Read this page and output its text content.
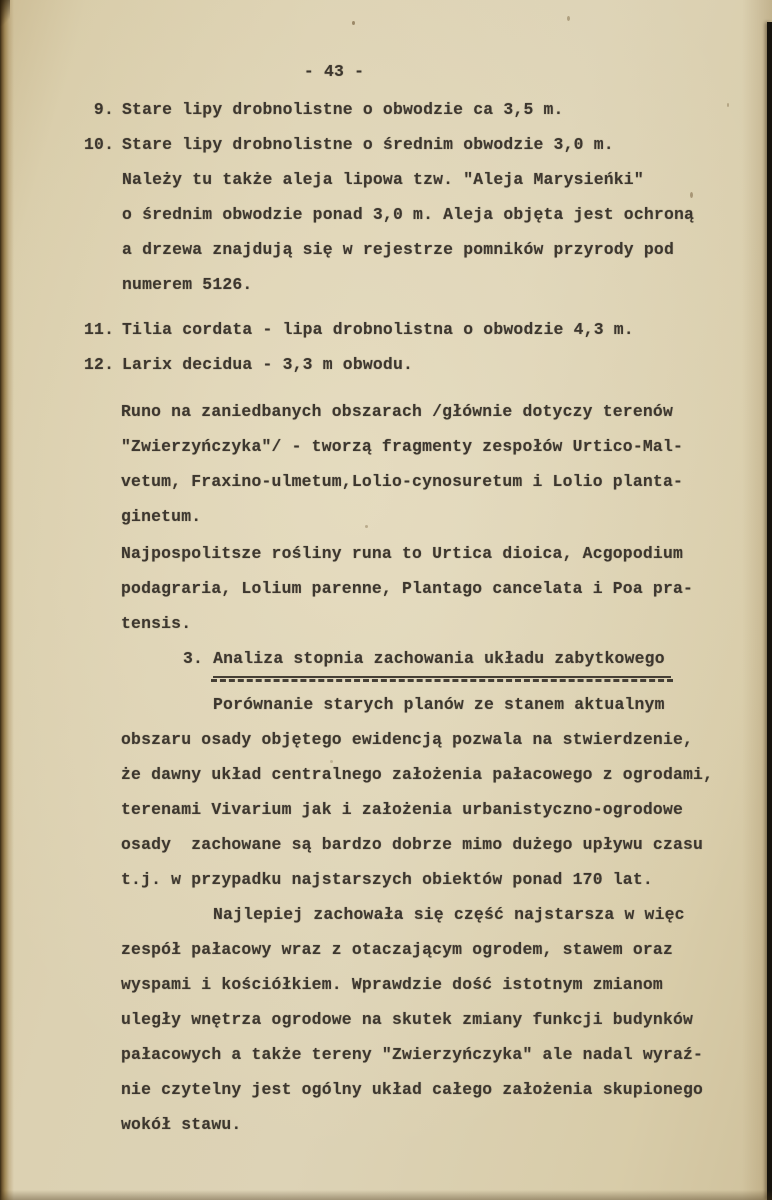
- 43 -
9. Stare lipy drobnolistne o obwodzie ca 3,5 m.
10. Stare lipy drobnolistne o średnim obwodzie 3,0 m.
Należy tu także aleja lipowa tzw. "Aleja Marysieńki"
o średnim obwodzie ponad 3,0 m. Aleja objęta jest ochroną
a drzewa znajdują się w rejestrze pomników przyrody pod
numerem 5126.
11. Tilia cordata - lipa drobnolistna o obwodzie 4,3 m.
12. Larix decidua - 3,3 m obwodu.
Runo na zaniedbanych obszarach /głównie dotyczy terenów
"Zwierzyńczyka"/ - tworzą fragmenty zespołów Urtico-Mal-
vetum, Fraxino-ulmetum,Lolio-cynosuretum i Lolio planta-
ginetum.
Najpospolitsze rośliny runa to Urtica dioica, Acgopodium
podagraria, Lolium parenne, Plantago cancelata i Poa pra-
tensis.
3. Analiza stopnia zachowania układu zabytkowego
Porównanie starych planów ze stanem aktualnym
obszaru osady objętego ewidencją pozwala na stwierdzenie,
że dawny układ centralnego założenia pałacowego z ogrodami,
terenami Vivarium jak i założenia urbanistyczno-ogrodowe
osady  zachowane są bardzo dobrze mimo dużego upływu czasu
t.j. w przypadku najstarszych obiektów ponad 170 lat.
Najlepiej zachowała się część najstarsza w więc
zespół pałacowy wraz z otaczającym ogrodem, stawem oraz
wyspami i kościółkiem. Wprawdzie dość istotnym zmianom
uległy wnętrza ogrodowe na skutek zmiany funkcji budynków
pałacowych a także tereny "Zwierzyńczyka" ale nadal wyraź-
nie czytelny jest ogólny układ całego założenia skupionego
wokół stawu.
